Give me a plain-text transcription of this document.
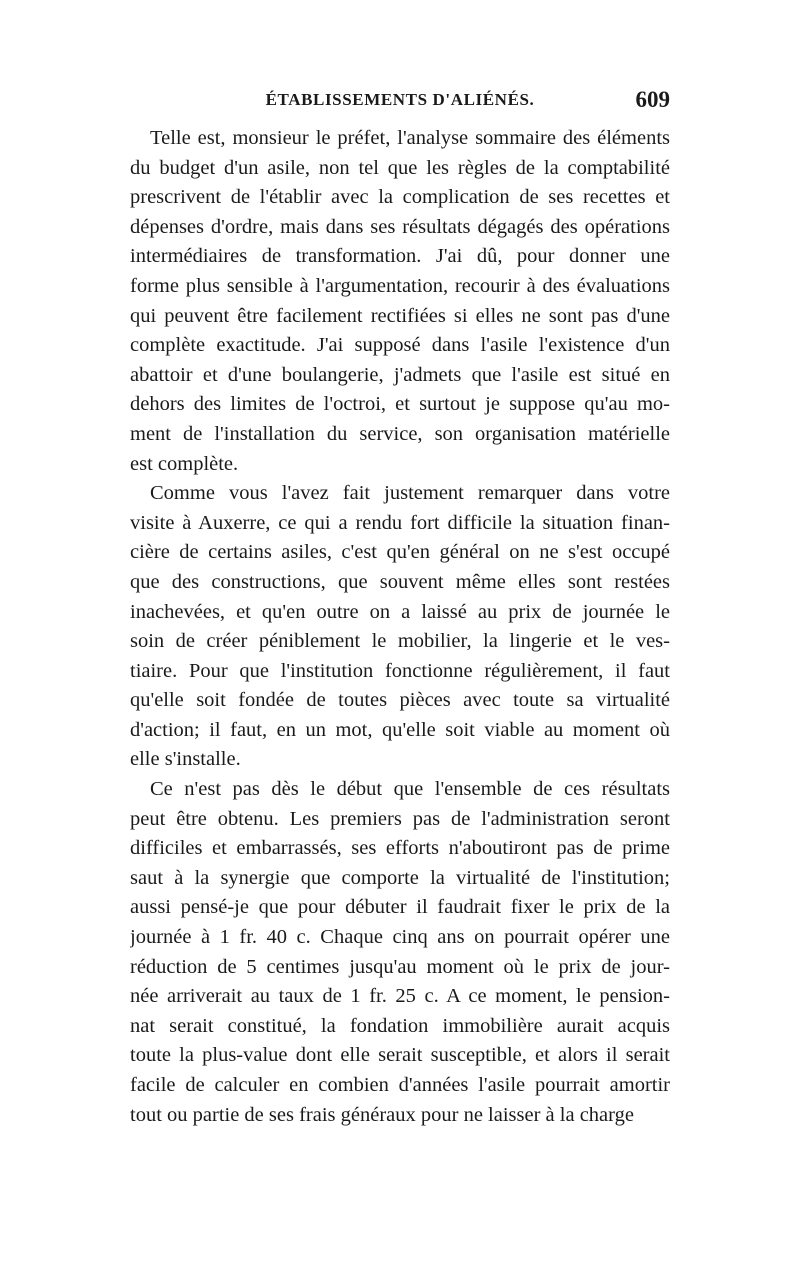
ÉTABLISSEMENTS D'ALIÉNÉS.	609
Telle est, monsieur le préfet, l'analyse sommaire des éléments
du budget d'un asile, non tel que les règles de la comptabilité
prescrivent de l'établir avec la complication de ses recettes et
dépenses d'ordre, mais dans ses résultats dégagés des opérations
intermédiaires de transformation. J'ai dû, pour donner une
forme plus sensible à l'argumentation, recourir à des évaluations
qui peuvent être facilement rectifiées si elles ne sont pas d'une
complète exactitude. J'ai supposé dans l'asile l'existence d'un
abattoir et d'une boulangerie, j'admets que l'asile est situé en
dehors des limites de l'octroi, et surtout je suppose qu'au mo-
ment de l'installation du service, son organisation matérielle
est complète.
Comme vous l'avez fait justement remarquer dans votre
visite à Auxerre, ce qui a rendu fort difficile la situation finan-
cière de certains asiles, c'est qu'en général on ne s'est occupé
que des constructions, que souvent même elles sont restées
inachevées, et qu'en outre on a laissé au prix de journée le
soin de créer péniblement le mobilier, la lingerie et le ves-
tiaire. Pour que l'institution fonctionne régulièrement, il faut
qu'elle soit fondée de toutes pièces avec toute sa virtualité
d'action; il faut, en un mot, qu'elle soit viable au moment où
elle s'installe.
Ce n'est pas dès le début que l'ensemble de ces résultats
peut être obtenu. Les premiers pas de l'administration seront
difficiles et embarrassés, ses efforts n'aboutiront pas de prime
saut à la synergie que comporte la virtualité de l'institution;
aussi pensé-je que pour débuter il faudrait fixer le prix de la
journée à 1 fr. 40 c. Chaque cinq ans on pourrait opérer une
réduction de 5 centimes jusqu'au moment où le prix de jour-
née arriverait au taux de 1 fr. 25 c. A ce moment, le pension-
nat serait constitué, la fondation immobilière aurait acquis
toute la plus-value dont elle serait susceptible, et alors il serait
facile de calculer en combien d'années l'asile pourrait amortir
tout ou partie de ses frais généraux pour ne laisser à la charge
